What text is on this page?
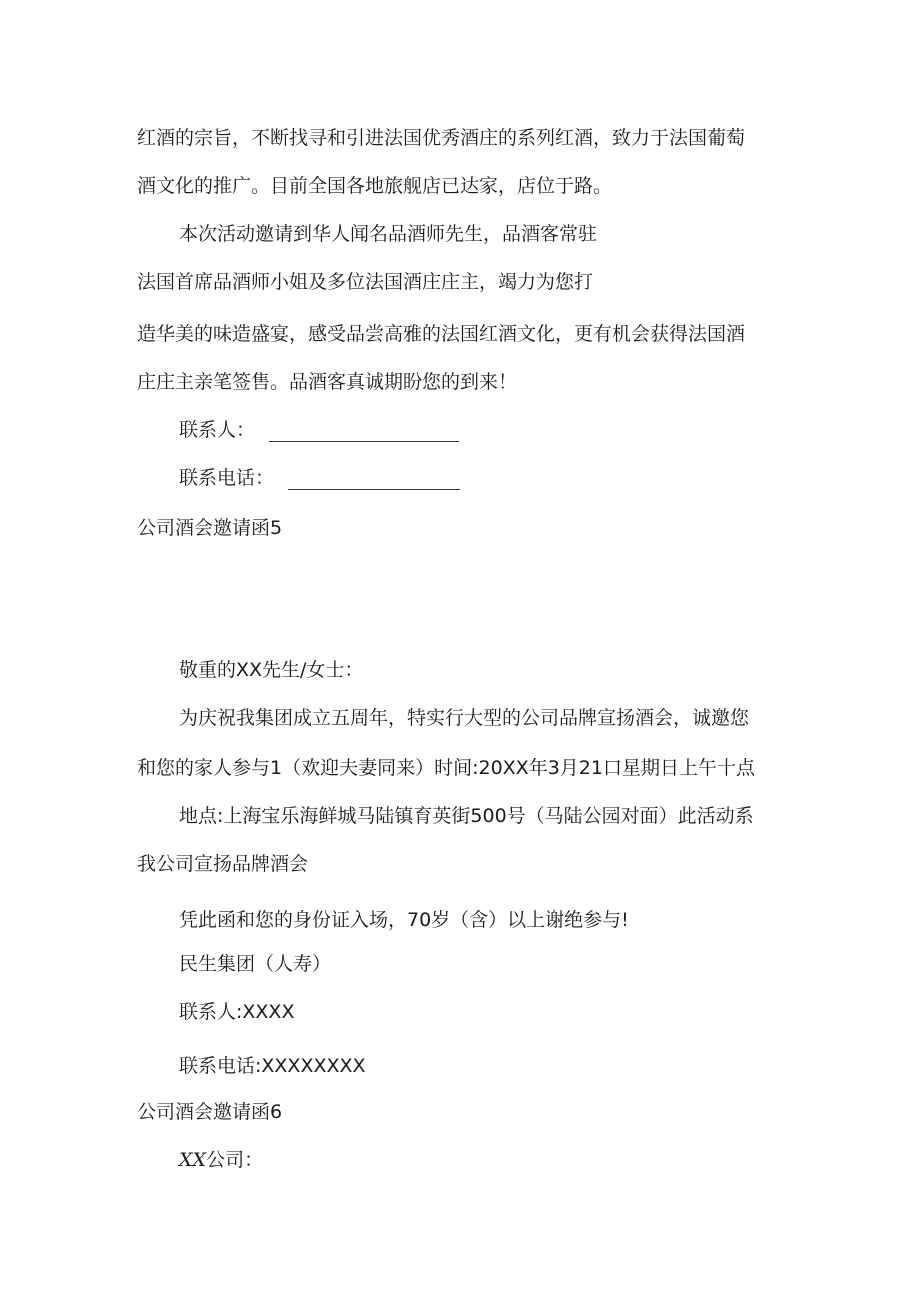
红酒的宗旨，不断找寻和引进法国优秀酒庄的系列红酒，致力于法国葡萄
酒文化的推广。目前全国各地旅舰店已达家，店位于路。
本次活动邀请到华人闻名品酒师先生，品酒客常驻
法国首席品酒师小姐及多位法国酒庄庄主，竭力为您打
造华美的味造盛宴，感受品尝高雅的法国红酒文化，更有机会获得法国酒
庄庄主亲笔签售。品酒客真诚期盼您的到来！
联系人：
联系电话：
公司酒会邀请函5
敬重的XX先生/女士：
为庆祝我集团成立五周年，特实行大型的公司品牌宣扬酒会，诚邀您
和您的家人参与1（欢迎夫妻同来）时间:20XX年3月21口星期日上午十点
地点:上海宝乐海鲜城马陆镇育英街500号（马陆公园对面）此活动系
我公司宣扬品牌酒会
凭此函和您的身份证入场，70岁（含）以上谢绝参与!
民生集团（人寿）
联系人:XXXX
联系电话:XXXXXXXX
公司酒会邀请函6
XX公司：
